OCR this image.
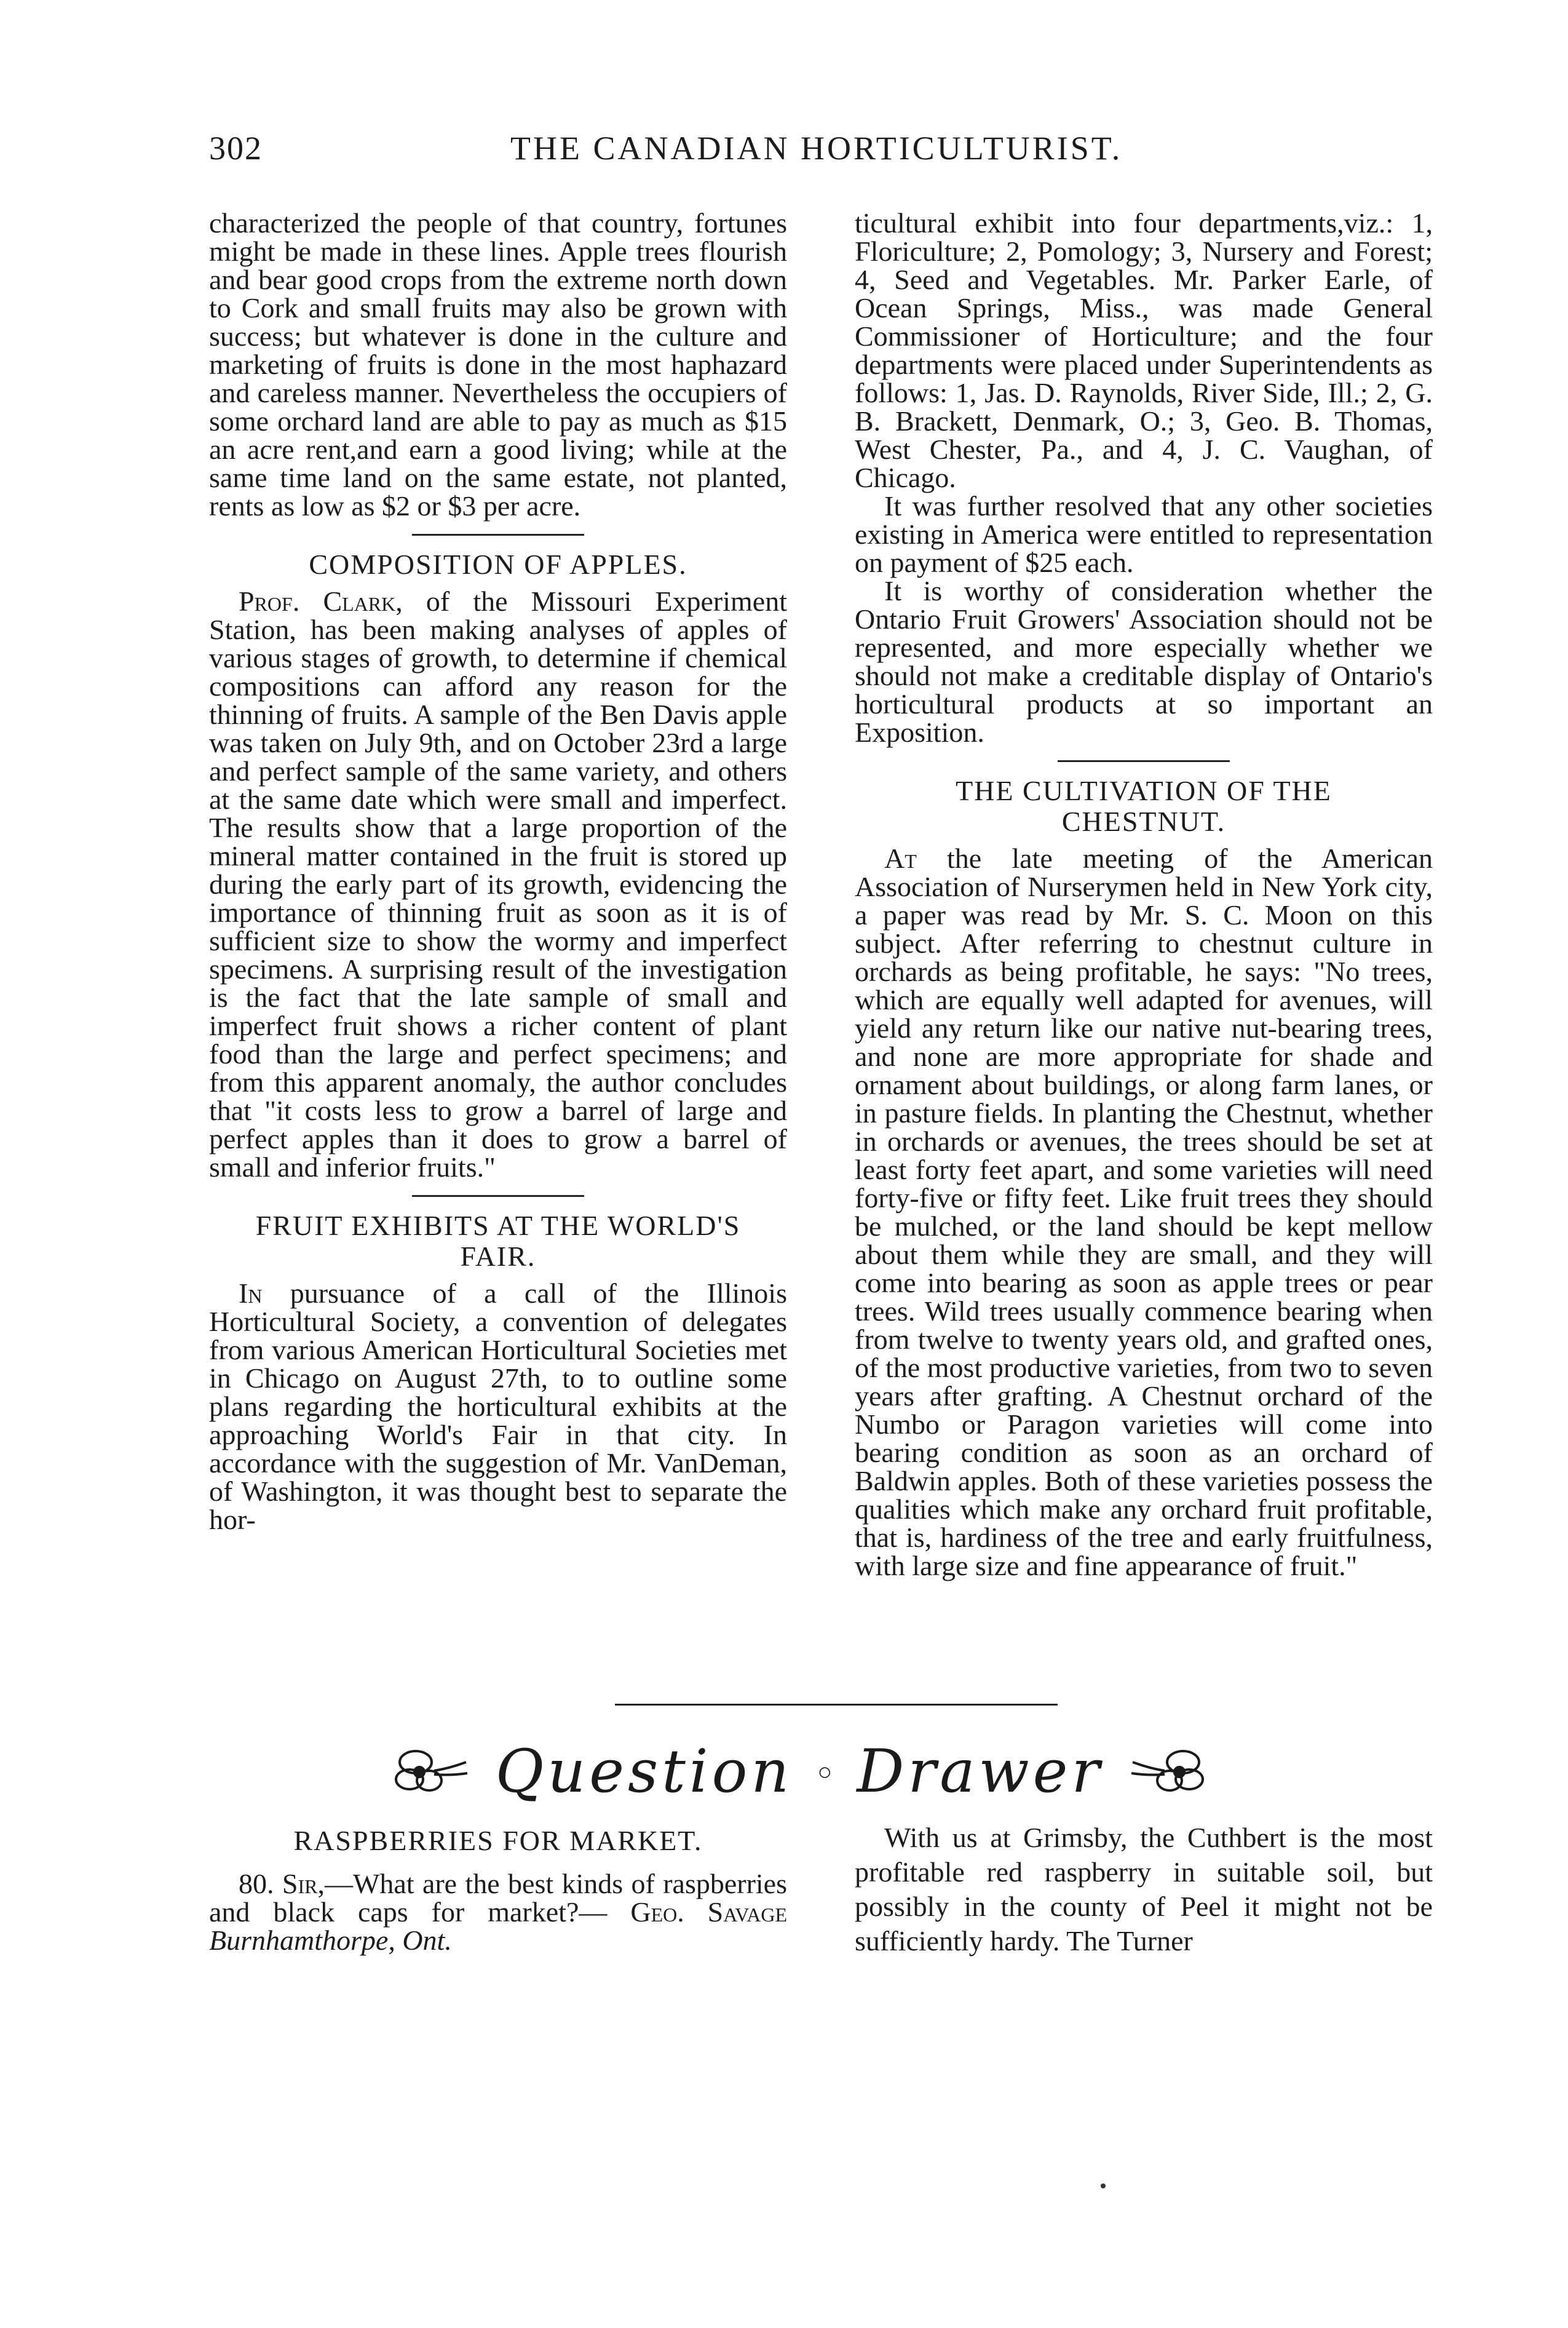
302	THE CANADIAN HORTICULTURIST.

characterized the people of that country, fortunes might be made in these lines. Apple trees flourish and bear good crops from the extreme north down to Cork and small fruits may also be grown with success; but whatever is done in the culture and marketing of fruits is done in the most haphazard and careless manner. Nevertheless the occupiers of some orchard land are able to pay as much as $15 an acre rent,and earn a good living; while at the same time land on the same estate, not planted, rents as low as $2 or $3 per acre.

COMPOSITION OF APPLES.

Prof. Clark, of the Missouri Experiment Station, has been making analyses of apples of various stages of growth, to determine if chemical compositions can afford any reason for the thinning of fruits. A sample of the Ben Davis apple was taken on July 9th, and on October 23rd a large and perfect sample of the same variety, and others at the same date which were small and imperfect. The results show that a large proportion of the mineral matter contained in the fruit is stored up during the early part of its growth, evidencing the importance of thinning fruit as soon as it is of sufficient size to show the wormy and imperfect specimens. A surprising result of the investigation is the fact that the late sample of small and imperfect fruit shows a richer content of plant food than the large and perfect specimens; and from this apparent anomaly, the author concludes that "it costs less to grow a barrel of large and perfect apples than it does to grow a barrel of small and inferior fruits."

FRUIT EXHIBITS AT THE WORLD'S FAIR.

In pursuance of a call of the Illinois Horticultural Society, a convention of delegates from various American Horticultural Societies met in Chicago on August 27th, to to outline some plans regarding the horticultural exhibits at the approaching World's Fair in that city. In accordance with the suggestion of Mr. VanDeman, of Washington, it was thought best to separate the hor-

ticultural exhibit into four departments,viz.: 1, Floriculture; 2, Pomology; 3, Nursery and Forest; 4, Seed and Vegetables. Mr. Parker Earle, of Ocean Springs, Miss., was made General Commissioner of Horticulture; and the four departments were placed under Superintendents as follows: 1, Jas. D. Raynolds, River Side, Ill.; 2, G. B. Brackett, Denmark, O.; 3, Geo. B. Thomas, West Chester, Pa., and 4, J. C. Vaughan, of Chicago.

It was further resolved that any other societies existing in America were entitled to representation on payment of $25 each.

It is worthy of consideration whether the Ontario Fruit Growers' Association should not be represented, and more especially whether we should not make a creditable display of Ontario's horticultural products at so important an Exposition.

THE CULTIVATION OF THE CHESTNUT.

At the late meeting of the American Association of Nurserymen held in New York city, a paper was read by Mr. S. C. Moon on this subject. After referring to chestnut culture in orchards as being profitable, he says: "No trees, which are equally well adapted for avenues, will yield any return like our native nut-bearing trees, and none are more appropriate for shade and ornament about buildings, or along farm lanes, or in pasture fields. In planting the Chestnut, whether in orchards or avenues, the trees should be set at least forty feet apart, and some varieties will need forty-five or fifty feet. Like fruit trees they should be mulched, or the land should be kept mellow about them while they are small, and they will come into bearing as soon as apple trees or pear trees. Wild trees usually commence bearing when from twelve to twenty years old, and grafted ones, of the most productive varieties, from two to seven years after grafting. A Chestnut orchard of the Numbo or Paragon varieties will come into bearing condition as soon as an orchard of Baldwin apples. Both of these varieties possess the qualities which make any orchard fruit profitable, that is, hardiness of the tree and early fruitfulness, with large size and fine appearance of fruit."

Question ○ Drawer
RASPBERRIES FOR MARKET.

80. Sir,—What are the best kinds of raspberries and black caps for market?— Geo. Savage Burnhamthorpe, Ont.

With us at Grimsby, the Cuthbert is the most profitable red raspberry in suitable soil, but possibly in the county of Peel it might not be sufficiently hardy. The Turner
